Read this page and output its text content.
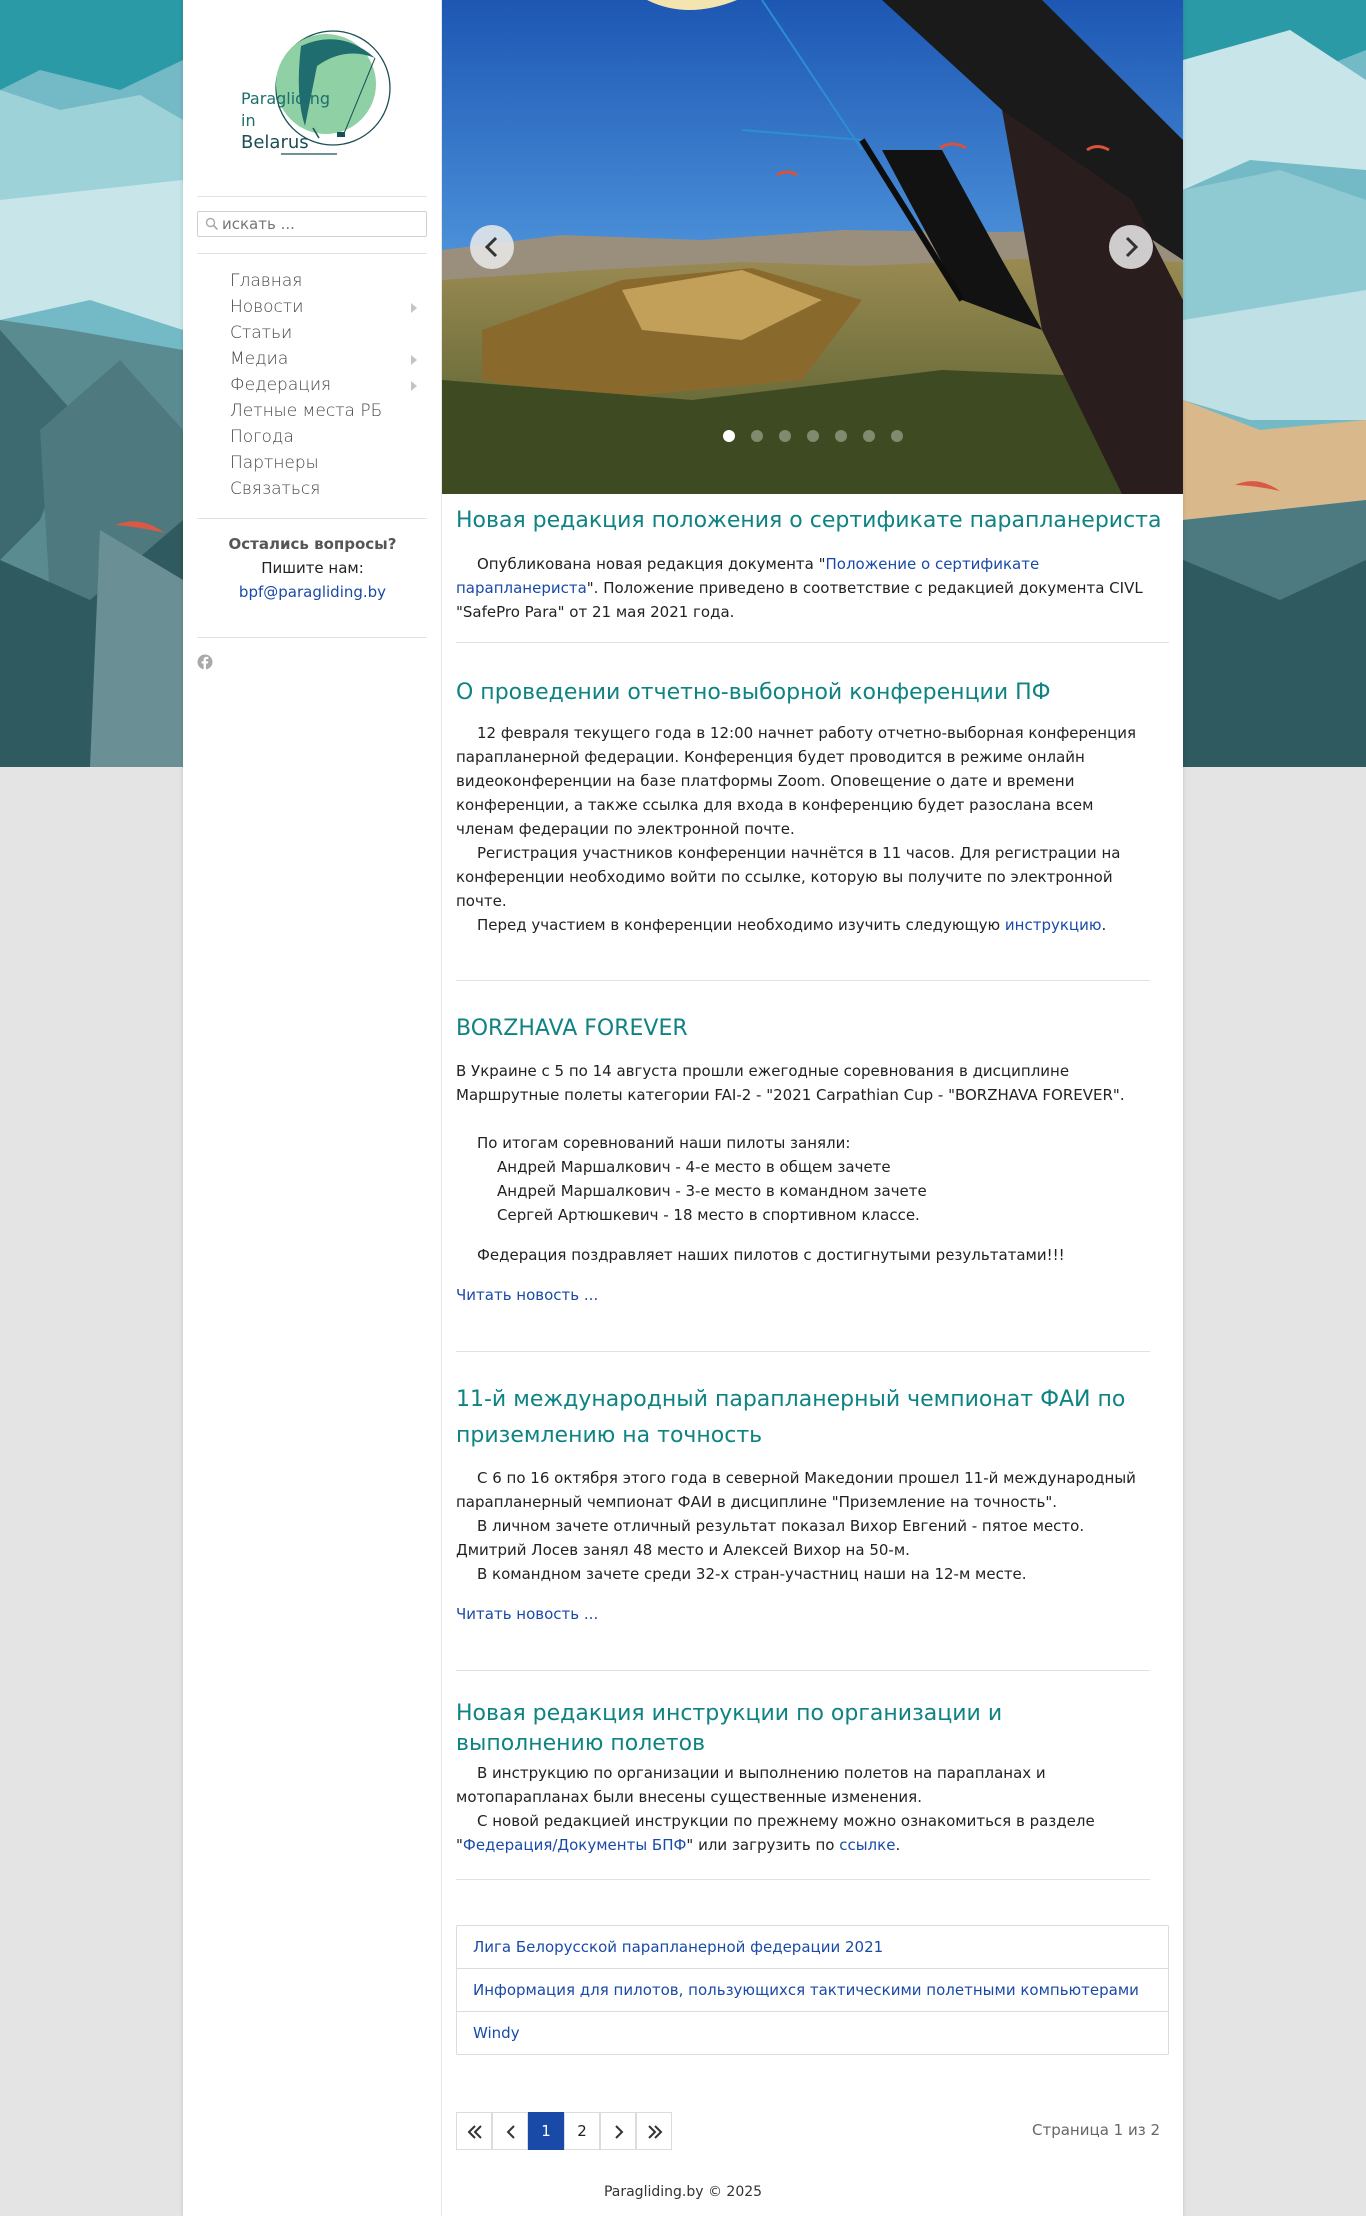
Paragliding
in
Belarus
искать ...
Главная
Новости
Статьи
Медиа
Федерация
Летные места РБ
Погода
Партнеры
Связаться
Остались вопросы?
Пишите нам:
bpf@paragliding.by
Новая редакция положения о сертификате парапланериста

Опубликована новая редакция документа "Положение о сертификате парапланериста". Положение приведено в соответствие с редакцией документа CIVL "SafePro Para" от 21 мая 2021 года.

О проведении отчетно-выборной конференции ПФ

12 февраля текущего года в 12:00 начнет работу отчетно-выборная конференция парапланерной федерации. Конференция будет проводится в режиме онлайн видеоконференции на базе платформы Zoom. Оповещение о дате и времени конференции, а также ссылка для входа в конференцию будет разослана всем членам федерации по электронной почте.

Регистрация участников конференции начнётся в 11 часов. Для регистрации на конференции необходимо войти по ссылке, которую вы получите по электронной почте.

Перед участием в конференции необходимо изучить следующую инструкцию.

BORZHAVA FOREVER

В Украине с 5 по 14 августа прошли ежегодные соревнования в дисциплине Маршрутные полеты категории FAI-2 - "2021 Carpathian Cup - "BORZHAVA FOREVER".

По итогам соревнований наши пилоты заняли:

Андрей Маршалкович - 4-е место в общем зачете

Андрей Маршалкович - 3-е место в командном зачете

Сергей Артюшкевич - 18 место в спортивном классе.

Федерация поздравляет наших пилотов с достигнутыми результатами!!!

Читать новость ...
11-й международный парапланерный чемпионат ФАИ по приземлению на точность

С 6 по 16 октября этого года в северной Македонии прошел 11-й международный парапланерный чемпионат ФАИ в дисциплине "Приземление на точность".

В личном зачете отличный результат показал Вихор Евгений - пятое место. Дмитрий Лосев занял 48 место и Алексей Вихор на 50-м.

В командном зачете среди 32-х стран-участниц наши на 12-м месте.

Читать новость ...
Новая редакция инструкции по организации и выполнению полетов

В инструкцию по организации и выполнению полетов на парапланах и мотопарапланах были внесены существенные изменения.

С новой редакцией инструкции по прежнему можно ознакомиться в разделе "Федерация/Документы БПФ" или загрузить по ссылке.

Лига Белорусской парапланерной федерации 2021
Информация для пилотов, пользующихся тактическими полетными компьютерами
Windy
1	2	Страница 1 из 2
Paragliding.by © 2025
